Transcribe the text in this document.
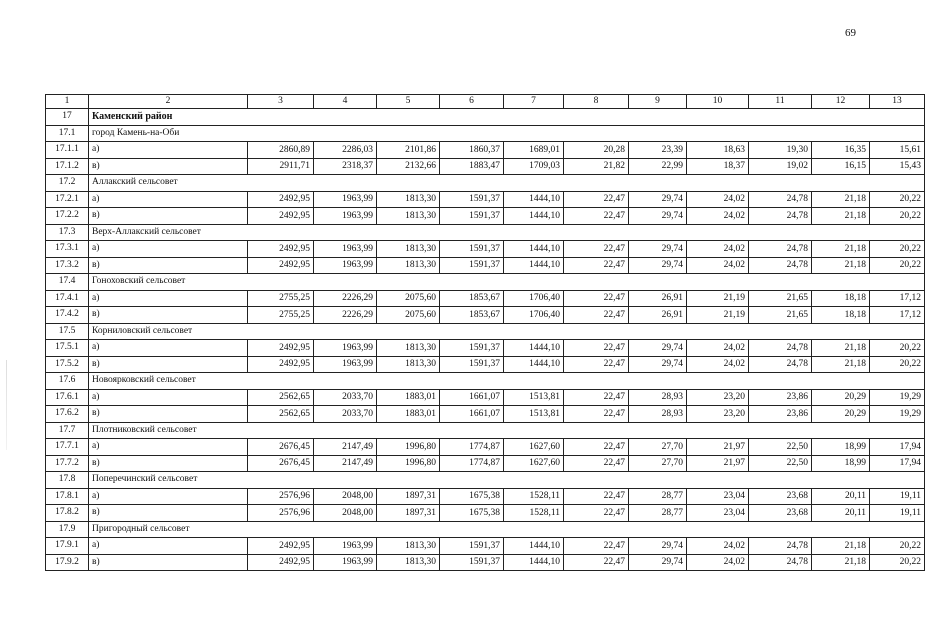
69
1	2	3	4	5	6	7	8	9	10	11	12	13
17	Каменский район											
17.1	город Камень-на-Оби											
17.1.1	а)	2860,89	2286,03	2101,86	1860,37	1689,01	20,28	23,39	18,63	19,30	16,35	15,61
17.1.2	в)	2911,71	2318,37	2132,66	1883,47	1709,03	21,82	22,99	18,37	19,02	16,15	15,43
17.2	Аллакский сельсовет											
17.2.1	а)	2492,95	1963,99	1813,30	1591,37	1444,10	22,47	29,74	24,02	24,78	21,18	20,22
17.2.2	в)	2492,95	1963,99	1813,30	1591,37	1444,10	22,47	29,74	24,02	24,78	21,18	20,22
17.3	Верх-Аллакский сельсовет											
17.3.1	а)	2492,95	1963,99	1813,30	1591,37	1444,10	22,47	29,74	24,02	24,78	21,18	20,22
17.3.2	в)	2492,95	1963,99	1813,30	1591,37	1444,10	22,47	29,74	24,02	24,78	21,18	20,22
17.4	Гоноховский сельсовет											
17.4.1	а)	2755,25	2226,29	2075,60	1853,67	1706,40	22,47	26,91	21,19	21,65	18,18	17,12
17.4.2	в)	2755,25	2226,29	2075,60	1853,67	1706,40	22,47	26,91	21,19	21,65	18,18	17,12
17.5	Корниловский сельсовет											
17.5.1	а)	2492,95	1963,99	1813,30	1591,37	1444,10	22,47	29,74	24,02	24,78	21,18	20,22
17.5.2	в)	2492,95	1963,99	1813,30	1591,37	1444,10	22,47	29,74	24,02	24,78	21,18	20,22
17.6	Новоярковский сельсовет											
17.6.1	а)	2562,65	2033,70	1883,01	1661,07	1513,81	22,47	28,93	23,20	23,86	20,29	19,29
17.6.2	в)	2562,65	2033,70	1883,01	1661,07	1513,81	22,47	28,93	23,20	23,86	20,29	19,29
17.7	Плотниковский сельсовет											
17.7.1	а)	2676,45	2147,49	1996,80	1774,87	1627,60	22,47	27,70	21,97	22,50	18,99	17,94
17.7.2	в)	2676,45	2147,49	1996,80	1774,87	1627,60	22,47	27,70	21,97	22,50	18,99	17,94
17.8	Поперечинский сельсовет											
17.8.1	а)	2576,96	2048,00	1897,31	1675,38	1528,11	22,47	28,77	23,04	23,68	20,11	19,11
17.8.2	в)	2576,96	2048,00	1897,31	1675,38	1528,11	22,47	28,77	23,04	23,68	20,11	19,11
17.9	Пригородный сельсовет											
17.9.1	а)	2492,95	1963,99	1813,30	1591,37	1444,10	22,47	29,74	24,02	24,78	21,18	20,22
17.9.2	в)	2492,95	1963,99	1813,30	1591,37	1444,10	22,47	29,74	24,02	24,78	21,18	20,22
